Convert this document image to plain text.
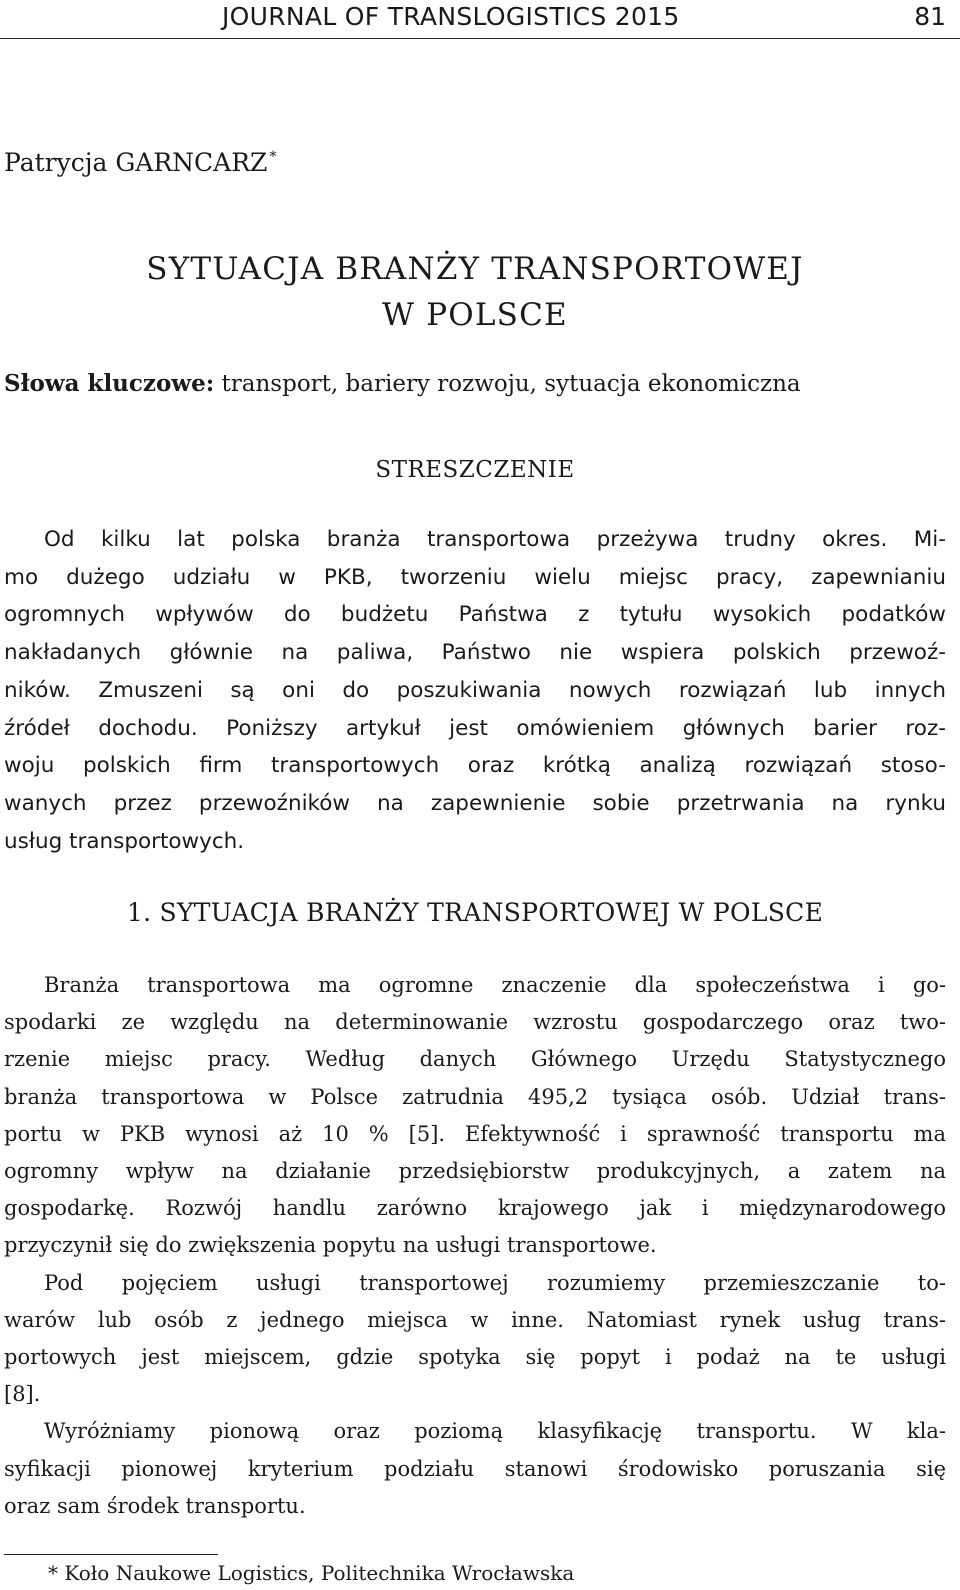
JOURNAL OF TRANSLOGISTICS 2015	81
Patrycja GARNCARZ *
SYTUACJA BRANŻY TRANSPORTOWEJ
W POLSCE
Słowa kluczowe: transport, bariery rozwoju, sytuacja ekonomiczna
STRESZCZENIE
Od kilku lat polska branża transportowa przeżywa trudny okres. Mi-
mo dużego udziału w PKB, tworzeniu wielu miejsc pracy, zapewnianiu
ogromnych wpływów do budżetu Państwa z tytułu wysokich podatków
nakładanych głównie na paliwa, Państwo nie wspiera polskich przewoź-
ników. Zmuszeni są oni do poszukiwania nowych rozwiązań lub innych
źródeł dochodu. Poniższy artykuł jest omówieniem głównych barier roz-
woju polskich firm transportowych oraz krótką analizą rozwiązań stoso-
wanych przez przewoźników na zapewnienie sobie przetrwania na rynku
usług transportowych.
1. SYTUACJA BRANŻY TRANSPORTOWEJ W POLSCE
Branża transportowa ma ogromne znaczenie dla społeczeństwa i go-
spodarki ze względu na determinowanie wzrostu gospodarczego oraz two-
rzenie miejsc pracy. Według danych Głównego Urzędu Statystycznego
branża transportowa w Polsce zatrudnia 495,2 tysiąca osób. Udział trans-
portu w PKB wynosi aż 10 % [5]. Efektywność i sprawność transportu ma
ogromny wpływ na działanie przedsiębiorstw produkcyjnych, a zatem na
gospodarkę. Rozwój handlu zarówno krajowego jak i międzynarodowego
przyczynił się do zwiększenia popytu na usługi transportowe.
Pod pojęciem usługi transportowej rozumiemy przemieszczanie to-
warów lub osób z jednego miejsca w inne. Natomiast rynek usług trans-
portowych jest miejscem, gdzie spotyka się popyt i podaż na te usługi
[8].
Wyróżniamy pionową oraz poziomą klasyfikację transportu. W kla-
syfikacji pionowej kryterium podziału stanowi środowisko poruszania się
oraz sam środek transportu.
* Koło Naukowe Logistics, Politechnika Wrocławska
